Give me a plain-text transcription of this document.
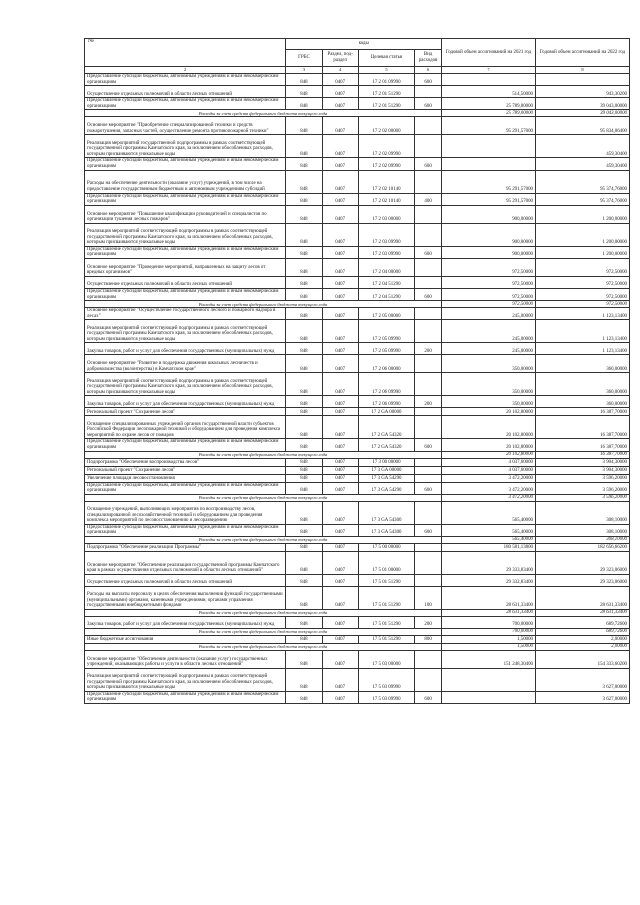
№
		коды				Годовой объем ассигнований на 2021 год	Годовой объем ассигнований на 2022 год
	ГРБС	Раздел, под-раздел	Целевая статья	Вид расходов		
2	3	4	5	6	7	8
Предоставление субсидий бюджетным, автономным учреждениям и иным некоммерческим организациям	848	0407	17 2 01 09990	600		
Осуществление отдельных полномочий в области лесных отношений	848	0407	17 2 01 51290		514,50000	943,30200
Предоставление субсидий бюджетным, автономным учреждениям и иным некоммерческим организациям	848	0407	17 2 01 51290	600	25 789,00000	39 043,00000
Расходы за счет средств федерального бюджета текущего года					25 789,00000	39 043,00000
Основное мероприятие "Приобретение специализированной техники и средств пожаротушения, запасных частей, осуществление ремонта противопожарной техники"	848	0407	17 2 02 00000		95 291,57000	95 834,06400
Реализация мероприятий государственной подпрограммы в рамках соответствующей государственной программы Камчатского края, за исключением обособленных расходов, которым присваиваются уникальные коды	848	0407	17 2 02 09990			459,30400
Предоставление субсидий бюджетным, автономным учреждениям и иным некоммерческим организациям	848	0407	17 2 02 09990	600		459,30400
Расходы на обеспечение деятельности (оказание услуг) учреждений, в том числе на предоставление государственным бюджетным и автономным учреждениям субсидий	848	0407	17 2 02 10140		95 291,57000	95 374,76000
Предоставление субсидий бюджетным, автономным учреждениям и иным некоммерческим организациям	848	0407	17 2 02 10140	400	95 291,57000	95 374,76000
Основное мероприятие "Повышение квалификации руководителей и специалистов по организации тушения лесных пожаров"	848	0407	17 2 03 00000		900,00000	1 200,00000
Реализация мероприятий соответствующей подпрограммы в рамках соответствующей государственной программы Камчатского края, за исключением обособленных расходов, которым присваиваются уникальные коды	848	0407	17 2 03 09990		900,00000	1 200,00000
Предоставление субсидий бюджетным, автономным учреждениям и иным некоммерческим организациям	848	0407	17 2 03 09990	600	900,00000	1 200,00000
Основное мероприятие "Проведение мероприятий, направленных на защиту лесов от вредных организмов"	848	0407	17 2 04 00000		972,50000	972,50000
Осуществление отдельных полномочий в области лесных отношений	848	0407	17 2 04 51290		972,50000	972,50000
Предоставление субсидий бюджетным, автономным учреждениям и иным некоммерческим организациям	848	0407	17 2 04 51290	600	972,50000	972,50000
Расходы за счет средств федерального бюджета текущего года					972,50000	972,50000
Основное мероприятие "Осуществление государственного лесного и пожарного надзора в лесах"	848	0407	17 2 05 00000		245,00000	1 123,13400
Реализация мероприятий соответствующей подпрограммы в рамках соответствующей государственной программы Камчатского края, за исключением обособленных расходов, которым присваиваются уникальные коды	848	0407	17 2 05 09990		245,00000	1 123,13400
Закупка товаров, работ и услуг для обеспечения государственных (муниципальных) нужд	848	0407	17 2 05 09990	200	245,00000	1 123,13400
Основное мероприятие "Развитие и поддержка движения школьных лесничеств и добровольчества (волонтерства) в Камчатском крае"	848	0407	17 2 06 00000		350,00000	360,00000
Реализация мероприятий соответствующей подпрограммы в рамках соответствующей государственной программы Камчатского края, за исключением обособленных расходов, которым присваиваются уникальные коды	848	0407	17 2 06 09990		350,00000	360,00000
Закупка товаров, работ и услуг для обеспечения государственных (муниципальных) нужд	848	0407	17 2 06 09990	200	350,00000	360,00000
Региональный проект "Сохранение лесов"	848	0407	17 2 GA 00000		20 102,80000	16 387,70000
Оснащение специализированных учреждений органов государственной власти субъектов Российской Федерации лесопожарной техникой и оборудованием для проведения комплекса мероприятий по охране лесов от пожаров	848	0407	17 2 GA 54320		20 102,80000	16 387,70000
Предоставление субсидий бюджетным, автономным учреждениям и иным некоммерческим организациям	848	0407	17 2 GA 54320	600	20 102,80000	16 387,70000
Расходы за счет средств федерального бюджета текущего года					20 102,80000	16 387,70000
Подпрограмма "Обеспечение воспроизводства лесов"	848	0407	17 3 00 00000		4 037,60000	3 904,30000
Региональный проект "Сохранение лесов"	848	0407	17 3 GA 00000		4 037,60000	3 904,30000
Увеличение площади лесовосстановления	848	0407	17 3 GA 54290		3 472,20000	3 596,20000
Предоставление субсидий бюджетным, автономным учреждениям и иным некоммерческим организациям	848	0407	17 3 GA 54290	600	3 472,20000	3 596,20000
Расходы за счет средств федерального бюджета текущего года					3 472,20000	3 596,20000
Оснащение учреждений, выполняющих мероприятия по воспроизводству лесов, специализированной лесохозяйственной техникой и оборудованием для проведения комплекса мероприятий по лесовосстановлению и лесоразведению	848	0407	17 3 GA 54300		565,40000	308,10000
Предоставление субсидий бюджетным, автономным учреждениям и иным некоммерческим организациям	848	0407	17 3 GA 54300	600	565,40000	308,10000
Расходы за счет средств федерального бюджета текущего года					565,40000	308,10000
Подпрограмма "Обеспечение реализации Программы"	848	0407	17 5 00 00000		180 581,13800	182 656,66200
Основное мероприятие "Обеспечение реализации государственной программы Камчатского края в рамках осуществления отдельных полномочий в области лесных отношений"	848	0407	17 5 01 00000		29 333,83400	29 323,06000
Осуществление отдельных полномочий в области лесных отношений	848	0407	17 5 01 51290		29 332,83400	29 323,06000
Расходы на выплаты персоналу в целях обеспечения выполнения функций государственными (муниципальными) органами, казенными учреждениями, органами управления государственными внебюджетными фондами	848	0407	17 5 01 51290	100	28 631,33400	28 631,33400
Расходы за счет средств федерального бюджета текущего года					28 631,33400	28 631,33400
Закупка товаров, работ и услуг для обеспечения государственных (муниципальных) нужд	848	0407	17 5 01 51290	200	700,00000	689,72600
Расходы за счет средств федерального бюджета текущего года					700,00000	689,72600
Иные бюджетные ассигнования	848	0407	17 5 01 51290	800	1,50000	2,00000
Расходы за счет средств федерального бюджета текущего года					1,50000	2,00000
Основное мероприятие "Обеспечение деятельности (оказание услуг) государственных учреждений, оказывающих работы и услуги в области лесных отношений"	848	0407	17 5 03 00000		151 248,30400	154 333,60200
Реализация мероприятий соответствующей подпрограммы в рамках соответствующей государственной программы Камчатского края, за исключением обособленных расходов, которым присваиваются уникальные коды	848	0407	17 5 03 09990			3 627,00000
Предоставление субсидий бюджетным, автономным учреждениям и иным некоммерческим организациям	848	0407	17 5 03 09990	600		3 627,00000
